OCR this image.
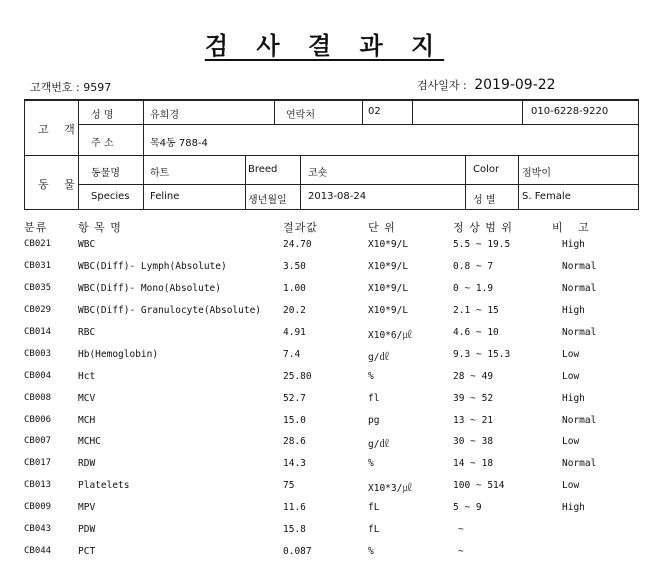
검 사 결 과 지
고객번호 : 9597	검사일자 : 2019-09-22
고 객
성 명	유희경	연락처	02	010-6228-9220
주 소	목4동 788-4
동 물
동물명	하트	Breed	코숏	Color 점박이
Species Feline	생년월일 2013-08-24	성 별	S. Female
분류	항 목 명	결과값	단 위	정 상 범 위	비 고
CB021	WBC	24.70	X10*9/L	5.5 ~ 19.5	High
CB031	WBC(Diff)- Lymph(Absolute)	3.50	X10*9/L	0.8 ~ 7	Normal
CB035	WBC(Diff)- Mono(Absolute)	1.00	X10*9/L	0 ~ 1.9	Normal
CB029	WBC(Diff)- Granulocyte(Absolute) 20.2	X10*9/L	2.1 ~ 15	High
CB014	RBC	4.91	X10*6/㎕	4.6 ~ 10	Normal
CB003	Hb(Hemoglobin)	7.4	g/㎗	9.3 ~ 15.3	Low
CB004	Hct	25.80	%	28 ~ 49	Low
CB008	MCV	52.7	fl	39 ~ 52	High
CB006	MCH	15.0	pg	13 ~ 21	Normal
CB007	MCHC	28.6	g/㎗	30 ~ 38	Low
CB017	RDW	14.3	%	14 ~ 18	Normal
CB013	Platelets	75	X10*3/㎕	100 ~ 514	Low
CB009	MPV	11.6	fL	5 ~ 9	High
CB043	PDW	15.8	fL	~
CB044	PCT	0.087	%	~
